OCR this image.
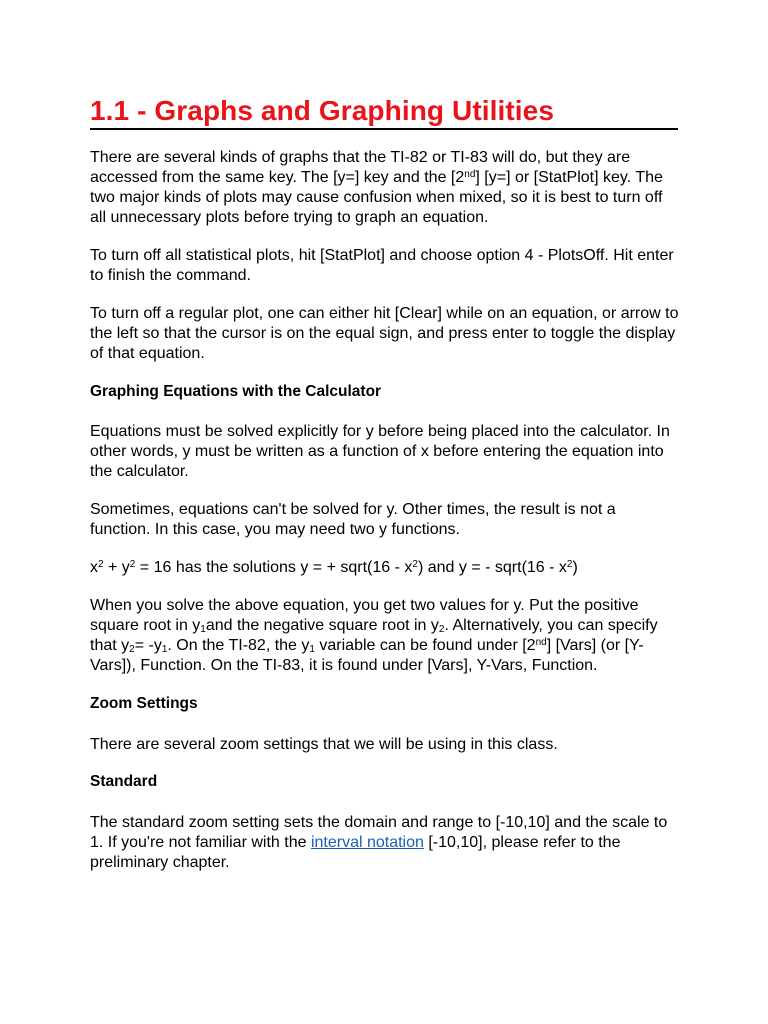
1.1 - Graphs and Graphing Utilities

There are several kinds of graphs that the TI-82 or TI-83 will do, but they are accessed from the same key. The [y=] key and the [2nd] [y=] or [StatPlot] key. The two major kinds of plots may cause confusion when mixed, so it is best to turn off all unnecessary plots before trying to graph an equation.

To turn off all statistical plots, hit [StatPlot] and choose option 4 - PlotsOff. Hit enter to finish the command.

To turn off a regular plot, one can either hit [Clear] while on an equation, or arrow to the left so that the cursor is on the equal sign, and press enter to toggle the display of that equation.

Graphing Equations with the Calculator

Equations must be solved explicitly for y before being placed into the calculator. In other words, y must be written as a function of x before entering the equation into the calculator.

Sometimes, equations can't be solved for y. Other times, the result is not a function. In this case, you may need two y functions.

$x^2 + y^2 = 16$ has the solutions y = + sqrt(16 - $x^2$) and y = - sqrt(16 - $x^2$)

When you solve the above equation, you get two values for y. Put the positive square root in $y_1and$ the negative square root in $y_2$. Alternatively, you can specify that $y_2= -y_1$. On the TI-82, the $y_1$ variable can be found under [2nd] [Vars] (or [Y-Vars]), Function. On the TI-83, it is found under [Vars], Y-Vars, Function.

Zoom Settings

There are several zoom settings that we will be using in this class.

Standard

The standard zoom setting sets the domain and range to [-10,10] and the scale to 1. If you're not familiar with the interval notation [-10,10], please refer to the preliminary chapter.
